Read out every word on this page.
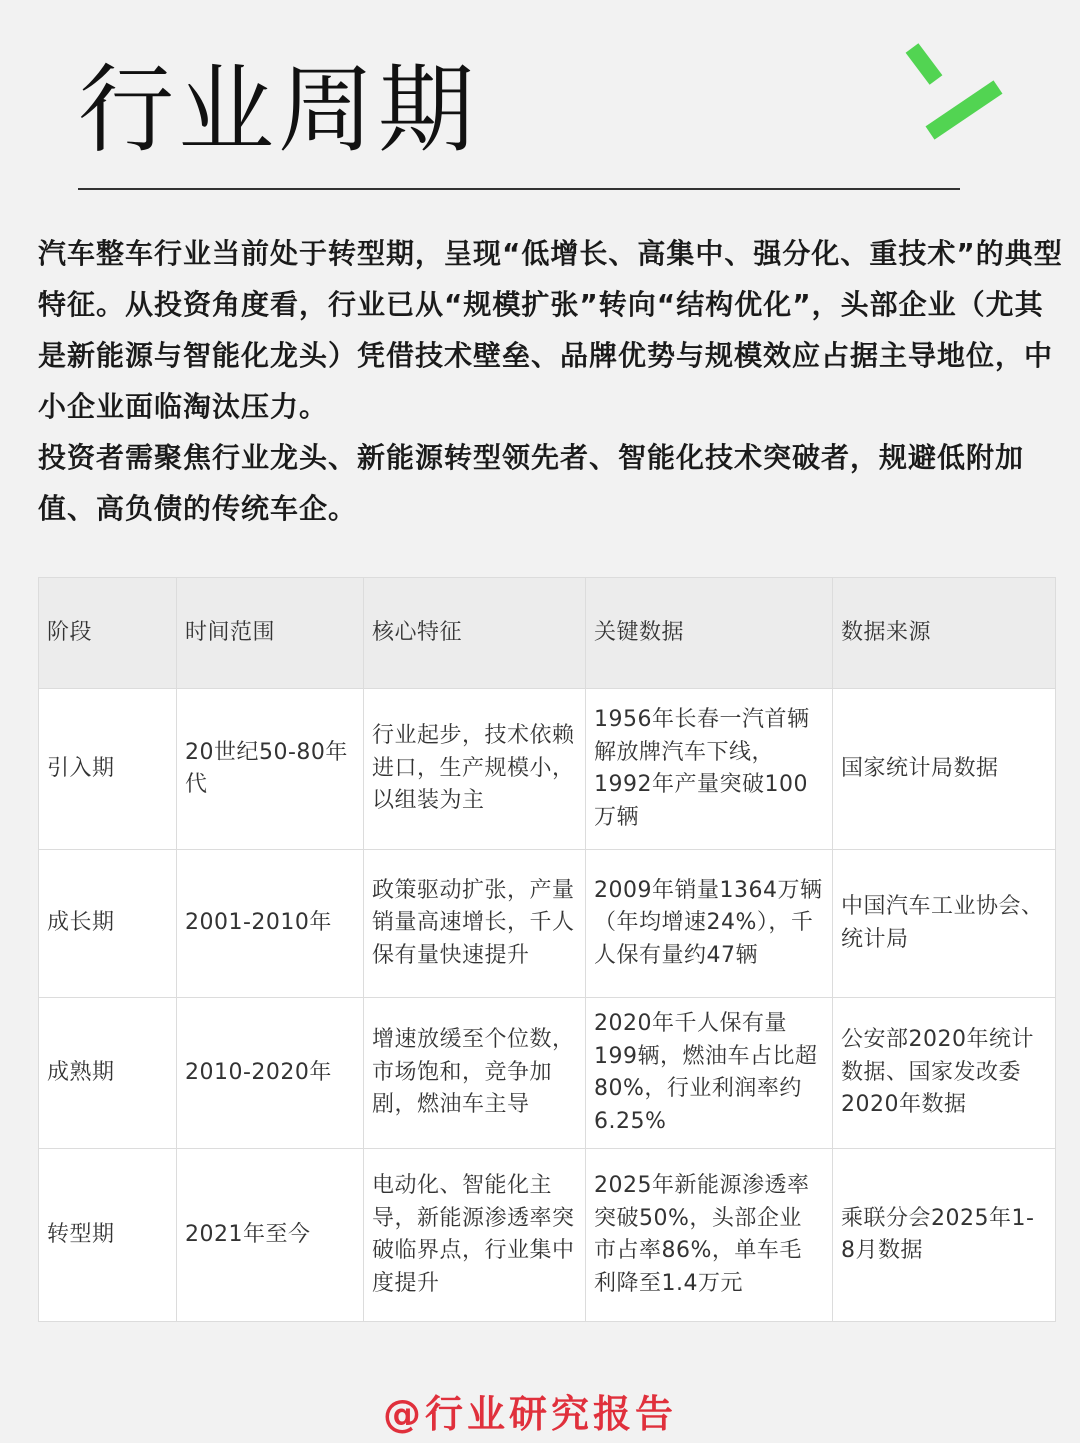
行业周期

汽车整车行业当前处于转型期，呈现“低增长、高集中、强分化、重技术”的典型特征。从投资角度看，行业已从“规模扩张”转向“结构优化”，头部企业（尤其是新能源与智能化龙头）凭借技术壁垒、品牌优势与规模效应占据主导地位，中小企业面临淘汰压力。

投资者需聚焦行业龙头、新能源转型领先者、智能化技术突破者，规避低附加值、高负债的传统车企。

阶段	时间范围	核心特征	关键数据	数据来源
引入期	20世纪50-80年代	行业起步，技术依赖进口，生产规模小，以组装为主	1956年长春一汽首辆解放牌汽车下线，1992年产量突破100万辆	国家统计局数据
成长期	2001-2010年	政策驱动扩张，产量销量高速增长，千人保有量快速提升	2009年销量1364万辆（年均增速24%），千人保有量约47辆	中国汽车工业协会、统计局
成熟期	2010-2020年	增速放缓至个位数，市场饱和，竞争加剧，燃油车主导	2020年千人保有量199辆，燃油车占比超80%，行业利润率约6.25%	公安部2020年统计数据、国家发改委2020年数据
转型期	2021年至今	电动化、智能化主导，新能源渗透率突破临界点，行业集中度提升	2025年新能源渗透率突破50%，头部企业市占率86%，单车毛利降至1.4万元	乘联分会2025年1-8月数据
@行业研究报告
